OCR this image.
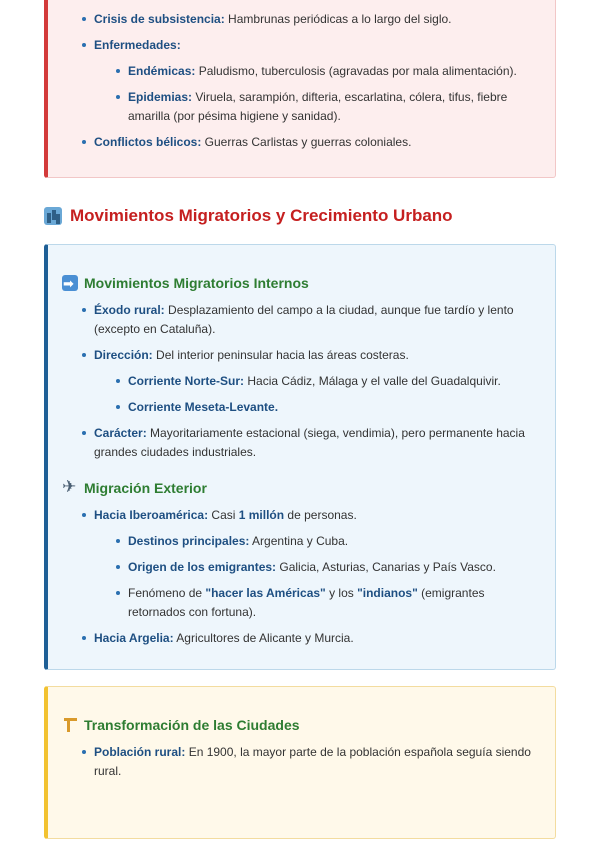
Crisis de subsistencia: Hambrunas periódicas a lo largo del siglo.
Enfermedades:
Endémicas: Paludismo, tuberculosis (agravadas por mala alimentación).
Epidemias: Viruela, sarampión, difteria, escarlatina, cólera, tifus, fiebre amarilla (por pésima higiene y sanidad).
Conflictos bélicos: Guerras Carlistas y guerras coloniales.
Movimientos Migratorios y Crecimiento Urbano
➡
Movimientos Migratorios Internos
Éxodo rural: Desplazamiento del campo a la ciudad, aunque fue tardío y lento (excepto en Cataluña).
Dirección: Del interior peninsular hacia las áreas costeras.
Corriente Norte-Sur: Hacia Cádiz, Málaga y el valle del Guadalquivir.
Corriente Meseta-Levante.
Carácter: Mayoritariamente estacional (siega, vendimia), pero permanente hacia grandes ciudades industriales.
✈
Migración Exterior
Hacia Iberoamérica: Casi 1 millón de personas.
Destinos principales: Argentina y Cuba.
Origen de los emigrantes: Galicia, Asturias, Canarias y País Vasco.
Fenómeno de "hacer las Américas" y los "indianos" (emigrantes retornados con fortuna).
Hacia Argelia: Agricultores de Alicante y Murcia.
Transformación de las Ciudades
Población rural: En 1900, la mayor parte de la población española seguía siendo rural.
